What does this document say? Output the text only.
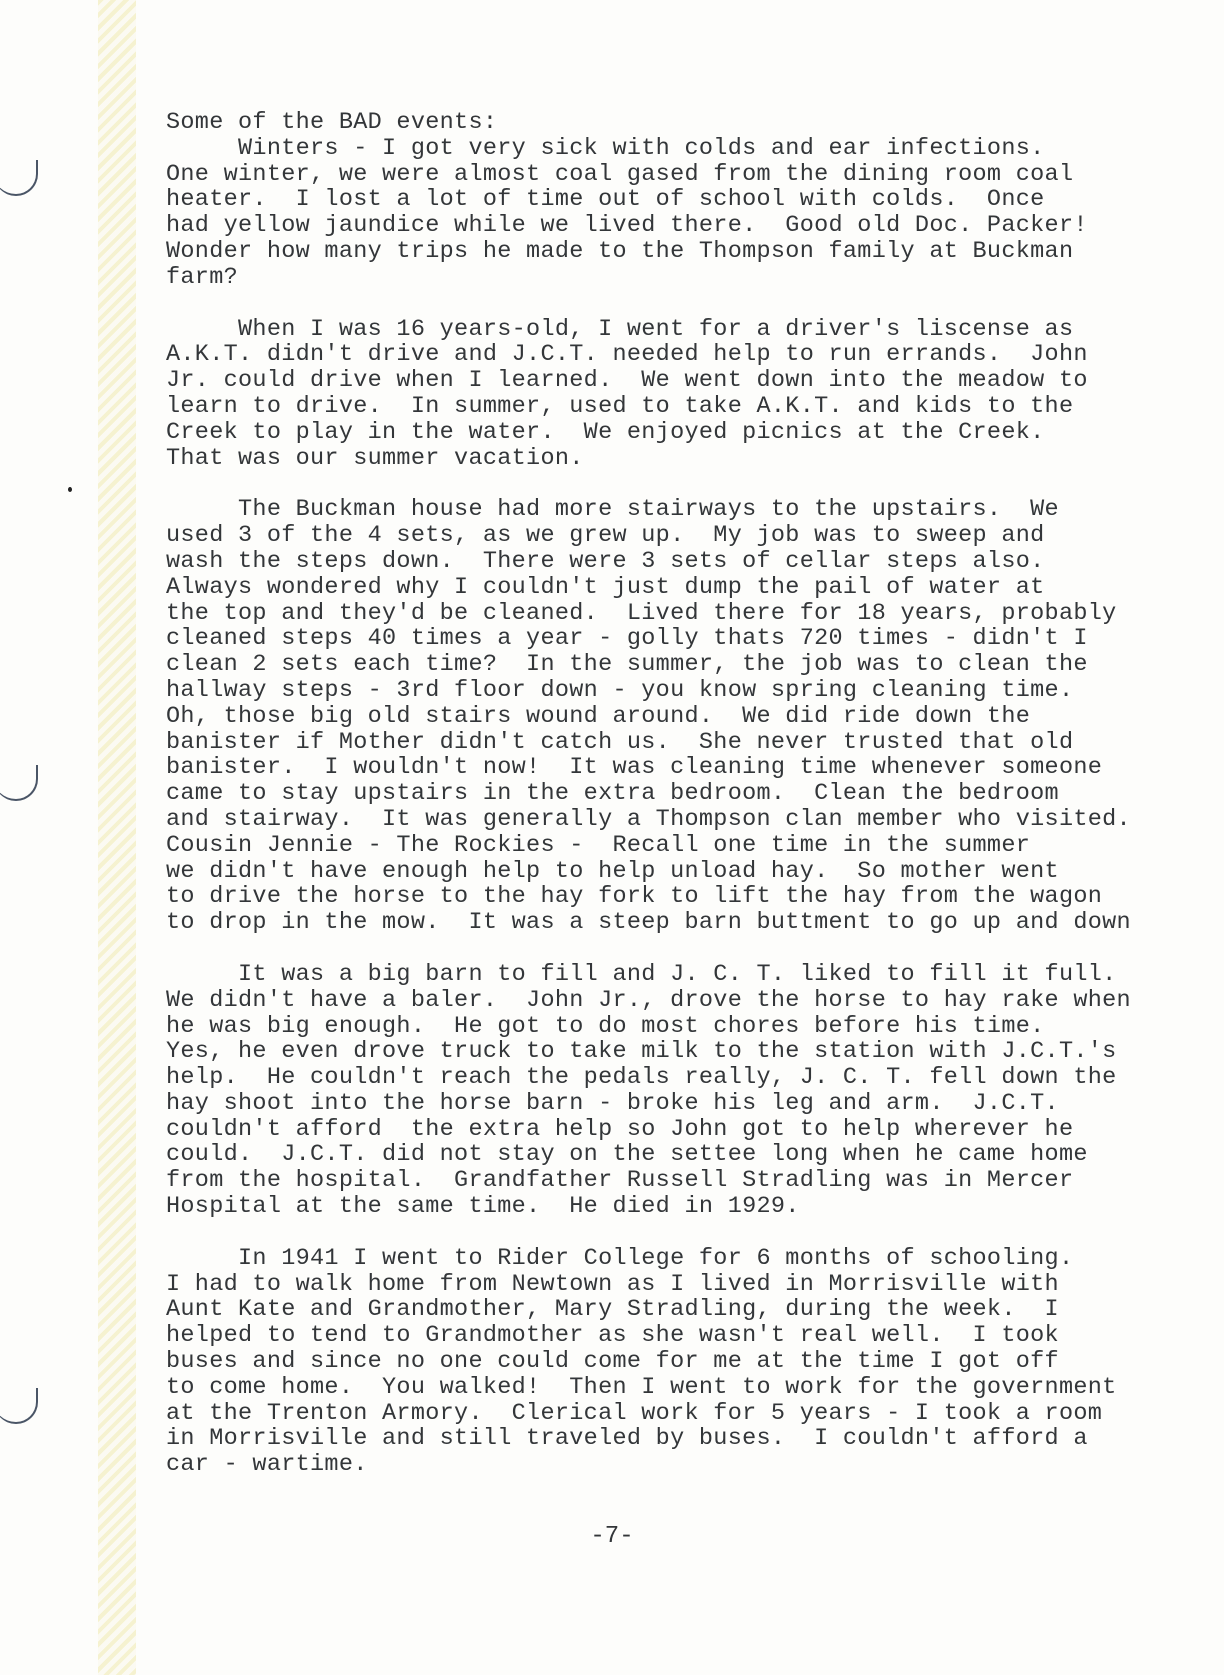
Some of the BAD events:
Winters - I got very sick with colds and ear infections.
One winter, we were almost coal gased from the dining room coal
heater.  I lost a lot of time out of school with colds.  Once
had yellow jaundice while we lived there.  Good old Doc. Packer!
Wonder how many trips he made to the Thompson family at Buckman
farm?
When I was 16 years-old, I went for a driver's liscense as
A.K.T. didn't drive and J.C.T. needed help to run errands.  John
Jr. could drive when I learned.  We went down into the meadow to
learn to drive.  In summer, used to take A.K.T. and kids to the
Creek to play in the water.  We enjoyed picnics at the Creek.
That was our summer vacation.
The Buckman house had more stairways to the upstairs.  We
used 3 of the 4 sets, as we grew up.  My job was to sweep and
wash the steps down.  There were 3 sets of cellar steps also.
Always wondered why I couldn't just dump the pail of water at
the top and they'd be cleaned.  Lived there for 18 years, probably
cleaned steps 40 times a year - golly thats 720 times - didn't I
clean 2 sets each time?  In the summer, the job was to clean the
hallway steps - 3rd floor down - you know spring cleaning time.
Oh, those big old stairs wound around.  We did ride down the
banister if Mother didn't catch us.  She never trusted that old
banister.  I wouldn't now!  It was cleaning time whenever someone
came to stay upstairs in the extra bedroom.  Clean the bedroom
and stairway.  It was generally a Thompson clan member who visited.
Cousin Jennie - The Rockies -  Recall one time in the summer
we didn't have enough help to help unload hay.  So mother went
to drive the horse to the hay fork to lift the hay from the wagon
to drop in the mow.  It was a steep barn buttment to go up and down
It was a big barn to fill and J. C. T. liked to fill it full.
We didn't have a baler.  John Jr., drove the horse to hay rake when
he was big enough.  He got to do most chores before his time.
Yes, he even drove truck to take milk to the station with J.C.T.'s
help.  He couldn't reach the pedals really, J. C. T. fell down the
hay shoot into the horse barn - broke his leg and arm.  J.C.T.
couldn't afford  the extra help so John got to help wherever he
could.  J.C.T. did not stay on the settee long when he came home
from the hospital.  Grandfather Russell Stradling was in Mercer
Hospital at the same time.  He died in 1929.
In 1941 I went to Rider College for 6 months of schooling.
I had to walk home from Newtown as I lived in Morrisville with
Aunt Kate and Grandmother, Mary Stradling, during the week.  I
helped to tend to Grandmother as she wasn't real well.  I took
buses and since no one could come for me at the time I got off
to come home.  You walked!  Then I went to work for the government
at the Trenton Armory.  Clerical work for 5 years - I took a room
in Morrisville and still traveled by buses.  I couldn't afford a
car - wartime.
-7-
